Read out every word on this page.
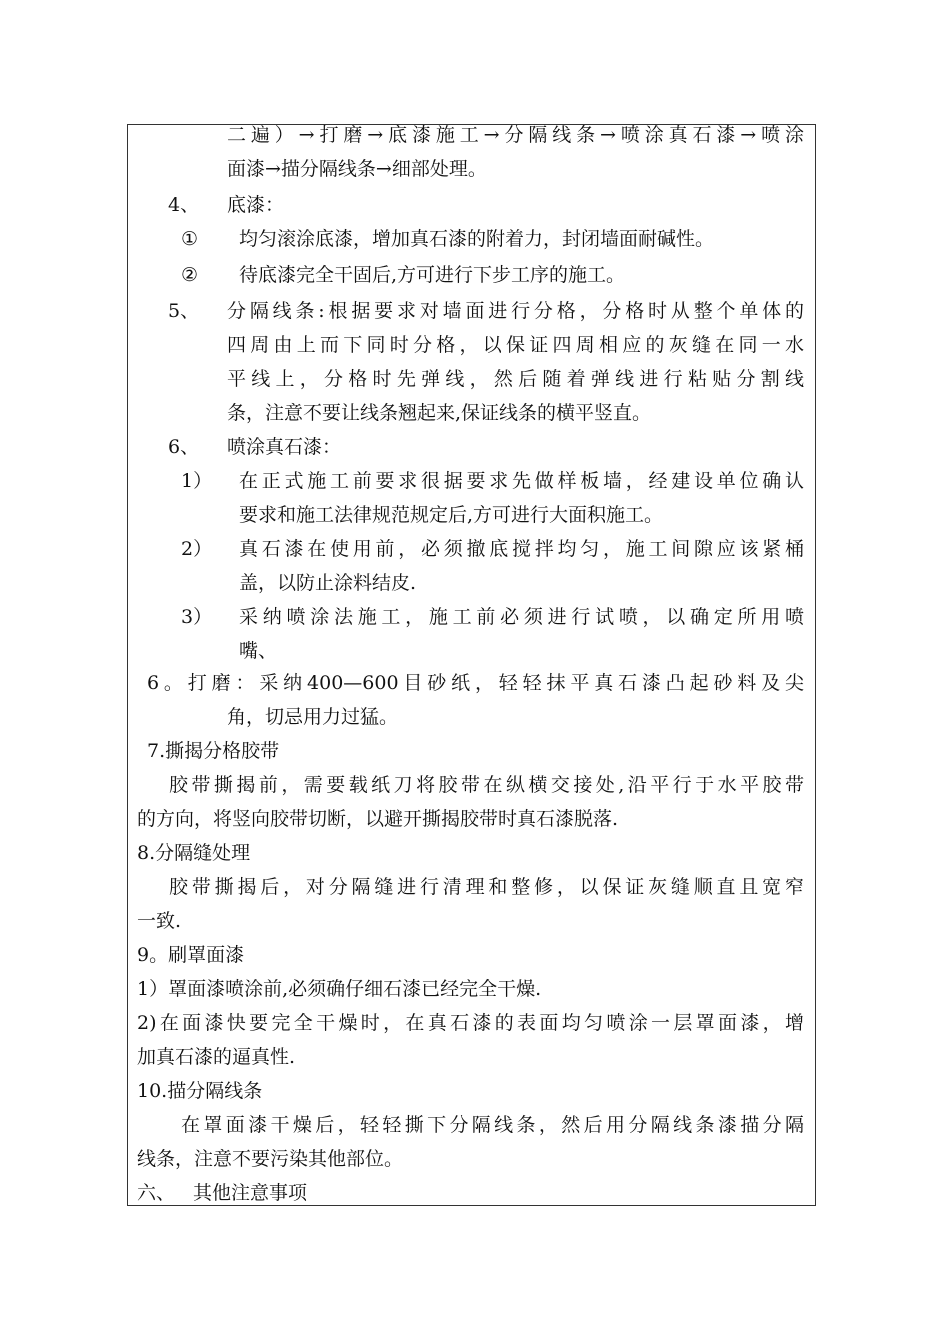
二遍）→打磨→底漆施工→分隔线条→喷涂真石漆→喷涂
面漆→描分隔线条→细部处理。
4、 底漆：
① 均匀滚涂底漆，增加真石漆的附着力，封闭墙面耐碱性。
② 待底漆完全干固后,方可进行下步工序的施工。
5、 分隔线条:根据要求对墙面进行分格，分格时从整个单体的
四周由上而下同时分格，以保证四周相应的灰缝在同一水
平线上，分格时先弹线，然后随着弹线进行粘贴分割线
条，注意不要让线条翘起来,保证线条的横平竖直。
6、 喷涂真石漆：
1） 在正式施工前要求很据要求先做样板墙，经建设单位确认
要求和施工法律规范规定后,方可进行大面积施工。
2） 真石漆在使用前，必须撤底搅拌均匀，施工间隙应该紧桶
盖，以防止涂料结皮.
3） 采纳喷涂法施工，施工前必须进行试喷，以确定所用喷
嘴、
6。打磨：采纳400—600目砂纸，轻轻抹平真石漆凸起砂料及尖
角，切忌用力过猛。
7.撕揭分格胶带
胶带撕揭前，需要载纸刀将胶带在纵横交接处,沿平行于水平胶带
的方向，将竖向胶带切断，以避开撕揭胶带时真石漆脱落.
8.分隔缝处理
胶带撕揭后，对分隔缝进行清理和整修，以保证灰缝顺直且宽窄
一致.
9。刷罩面漆
1）罩面漆喷涂前,必须确仔细石漆已经完全干燥.
2)在面漆快要完全干燥时，在真石漆的表面均匀喷涂一层罩面漆，增
加真石漆的逼真性.
10.描分隔线条
在罩面漆干燥后，轻轻撕下分隔线条，然后用分隔线条漆描分隔
线条，注意不要污染其他部位。
六、 其他注意事项
